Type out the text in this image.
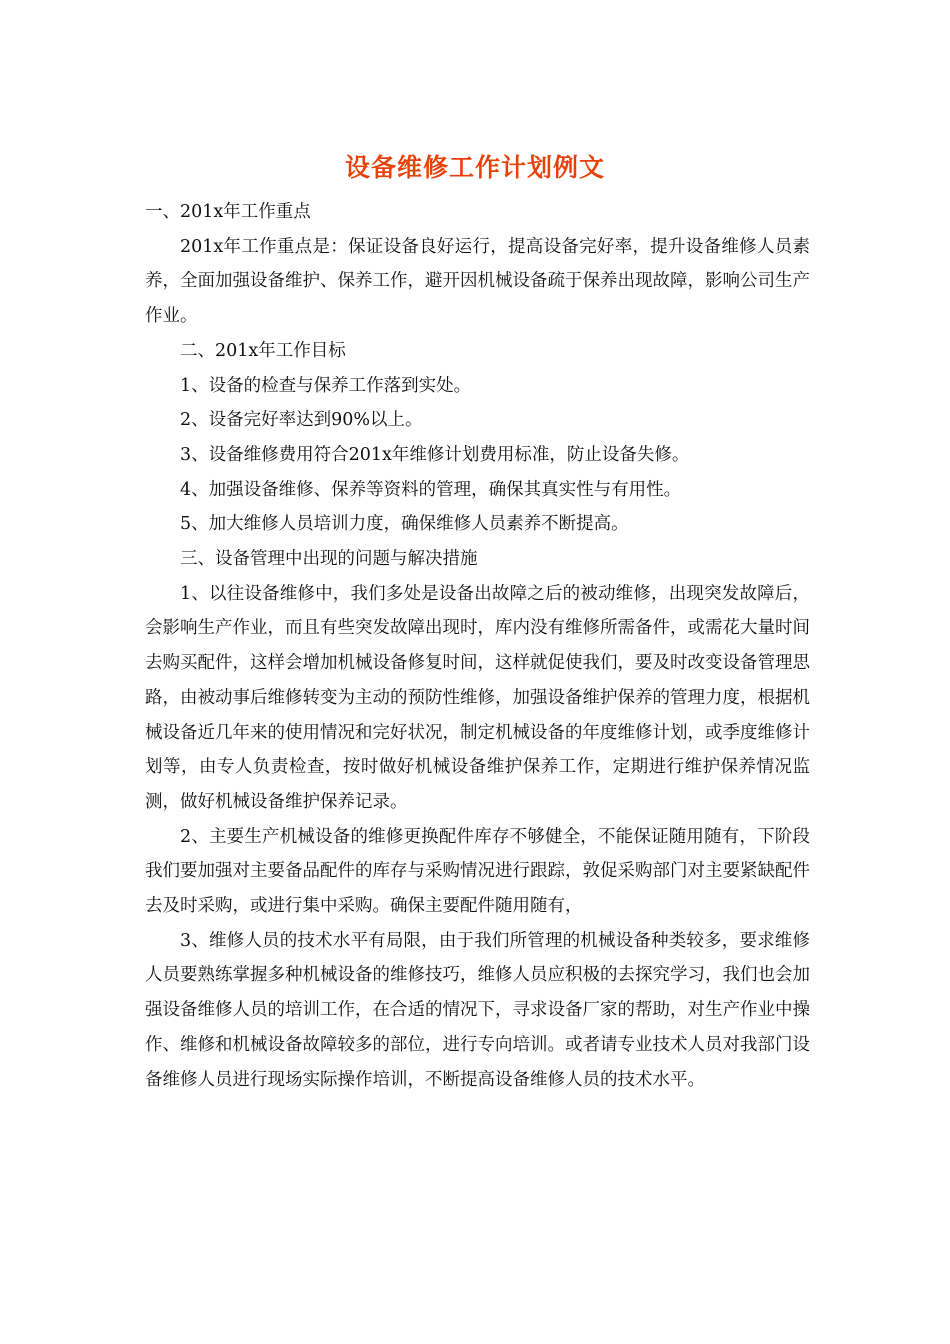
设备维修工作计划例文

一、201x年工作重点

201x年工作重点是：保证设备良好运行，提高设备完好率，提升设备维修人员素养，全面加强设备维护、保养工作，避开因机械设备疏于保养出现故障，影响公司生产作业。

二、201x年工作目标

1、设备的检查与保养工作落到实处。

2、设备完好率达到90%以上。

3、设备维修费用符合201x年维修计划费用标准，防止设备失修。

4、加强设备维修、保养等资料的管理，确保其真实性与有用性。

5、加大维修人员培训力度，确保维修人员素养不断提高。

三、设备管理中出现的问题与解决措施

1、以往设备维修中，我们多处是设备出故障之后的被动维修，出现突发故障后，会影响生产作业，而且有些突发故障出现时，库内没有维修所需备件，或需花大量时间去购买配件，这样会增加机械设备修复时间，这样就促使我们，要及时改变设备管理思路，由被动事后维修转变为主动的预防性维修，加强设备维护保养的管理力度，根据机械设备近几年来的使用情况和完好状况，制定机械设备的年度维修计划，或季度维修计划等，由专人负责检查，按时做好机械设备维护保养工作，定期进行维护保养情况监测，做好机械设备维护保养记录。

2、主要生产机械设备的维修更换配件库存不够健全，不能保证随用随有，下阶段我们要加强对主要备品配件的库存与采购情况进行跟踪，敦促采购部门对主要紧缺配件去及时采购，或进行集中采购。确保主要配件随用随有，

3、维修人员的技术水平有局限，由于我们所管理的机械设备种类较多，要求维修人员要熟练掌握多种机械设备的维修技巧，维修人员应积极的去探究学习，我们也会加强设备维修人员的培训工作，在合适的情况下，寻求设备厂家的帮助，对生产作业中操作、维修和机械设备故障较多的部位，进行专向培训。或者请专业技术人员对我部门设备维修人员进行现场实际操作培训，不断提高设备维修人员的技术水平。
